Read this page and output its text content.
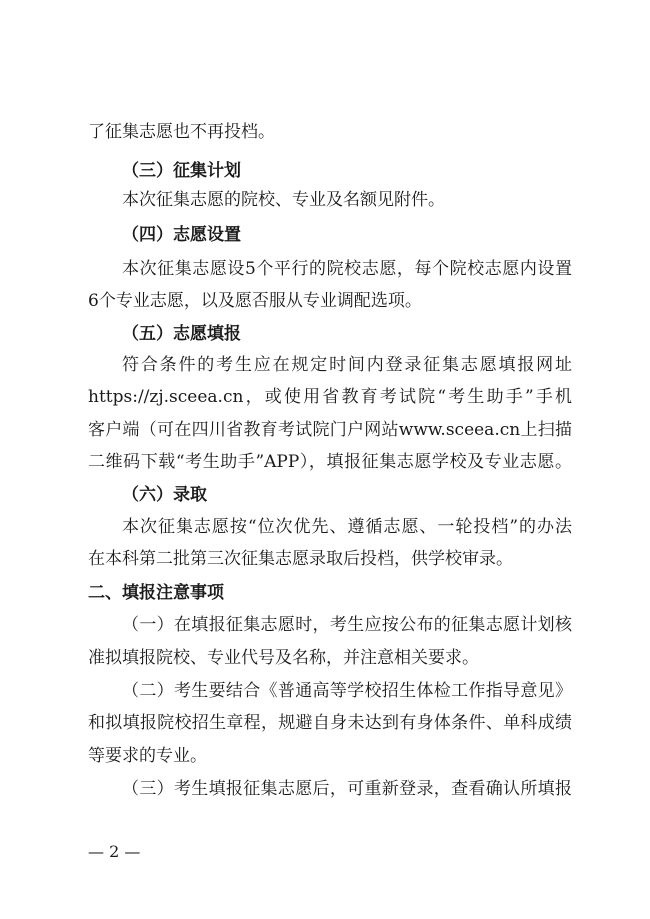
了征集志愿也不再投档。
（三）征集计划
本次征集志愿的院校、专业及名额见附件。
（四）志愿设置
本次征集志愿设5个平行的院校志愿，每个院校志愿内设置
6个专业志愿，以及愿否服从专业调配选项。
（五）志愿填报
符合条件的考生应在规定时间内登录征集志愿填报网址
https://zj.sceea.cn，或使用省教育考试院“考生助手”手机
客户端（可在四川省教育考试院门户网站www.sceea.cn上扫描
二维码下载“考生助手”APP），填报征集志愿学校及专业志愿。
（六）录取
本次征集志愿按“位次优先、遵循志愿、一轮投档”的办法
在本科第二批第三次征集志愿录取后投档，供学校审录。
二、填报注意事项
（一）在填报征集志愿时，考生应按公布的征集志愿计划核
准拟填报院校、专业代号及名称，并注意相关要求。
（二）考生要结合《普通高等学校招生体检工作指导意见》
和拟填报院校招生章程，规避自身未达到有身体条件、单科成绩
等要求的专业。
（三）考生填报征集志愿后，可重新登录，查看确认所填报
— 2 —
